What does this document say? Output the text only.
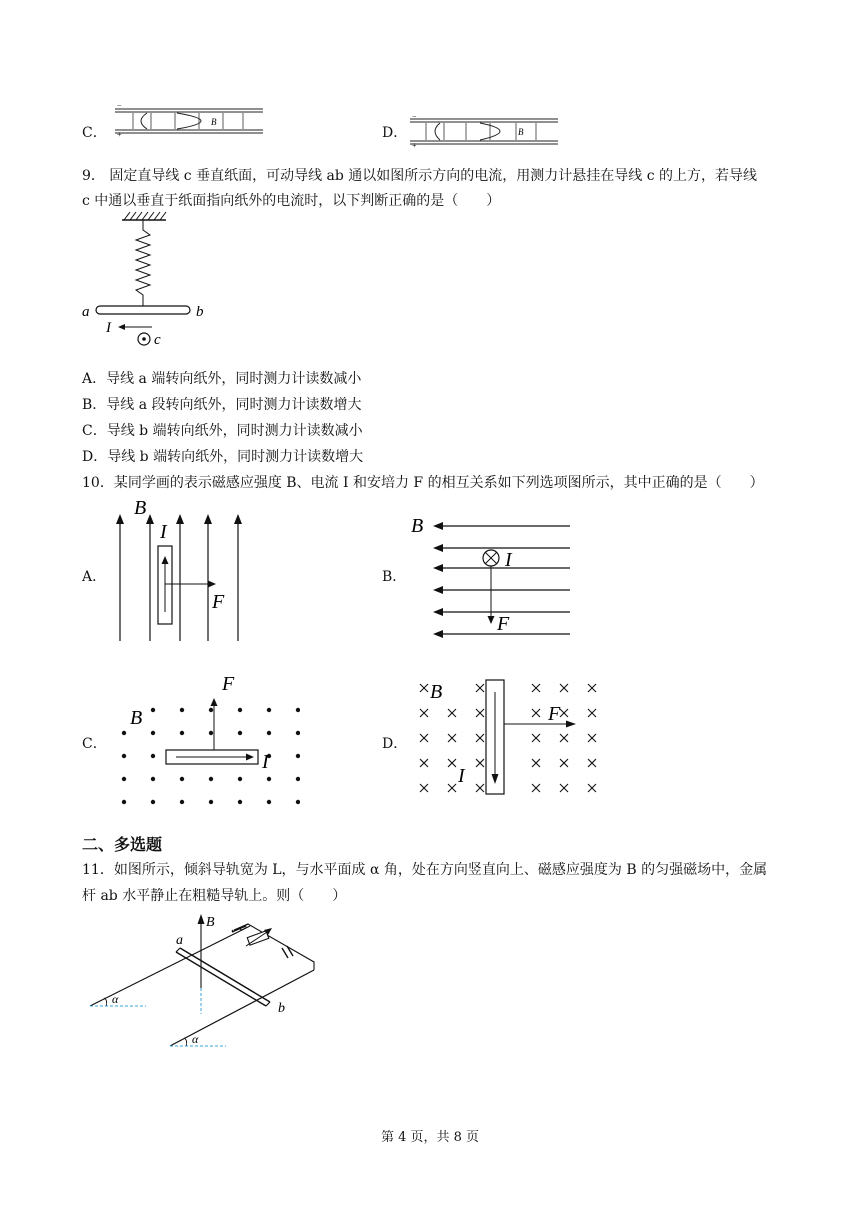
C．
−
+
B
D．
−
+
B
9． 固定直导线 c 垂直纸面，可动导线 ab 通以如图所示方向的电流，用测力计悬挂在导线 c 的上方，若导线
c 中通以垂直于纸面指向纸外的电流时，以下判断正确的是（　　）
a	b
I
c
A．导线 a 端转向纸外，同时测力计读数减小
B．导线 a 段转向纸外，同时测力计读数增大
C．导线 b 端转向纸外，同时测力计读数减小
D．导线 b 端转向纸外，同时测力计读数增大
10．某同学画的表示磁感应强度 B、电流 I 和安培力 F 的相互关系如下列选项图所示，其中正确的是（　　）
A．
B
I
F
B．
B
I
F
C．
F
B
I
D．
B
F
I
二、多选题
11．如图所示，倾斜导轨宽为 L，与水平面成 α 角，处在方向竖直向上、磁感应强度为 B 的匀强磁场中，金属
杆 ab 水平静止在粗糙导轨上。则（　　）
B
a
b
α
α
第 4 页，共 8 页
